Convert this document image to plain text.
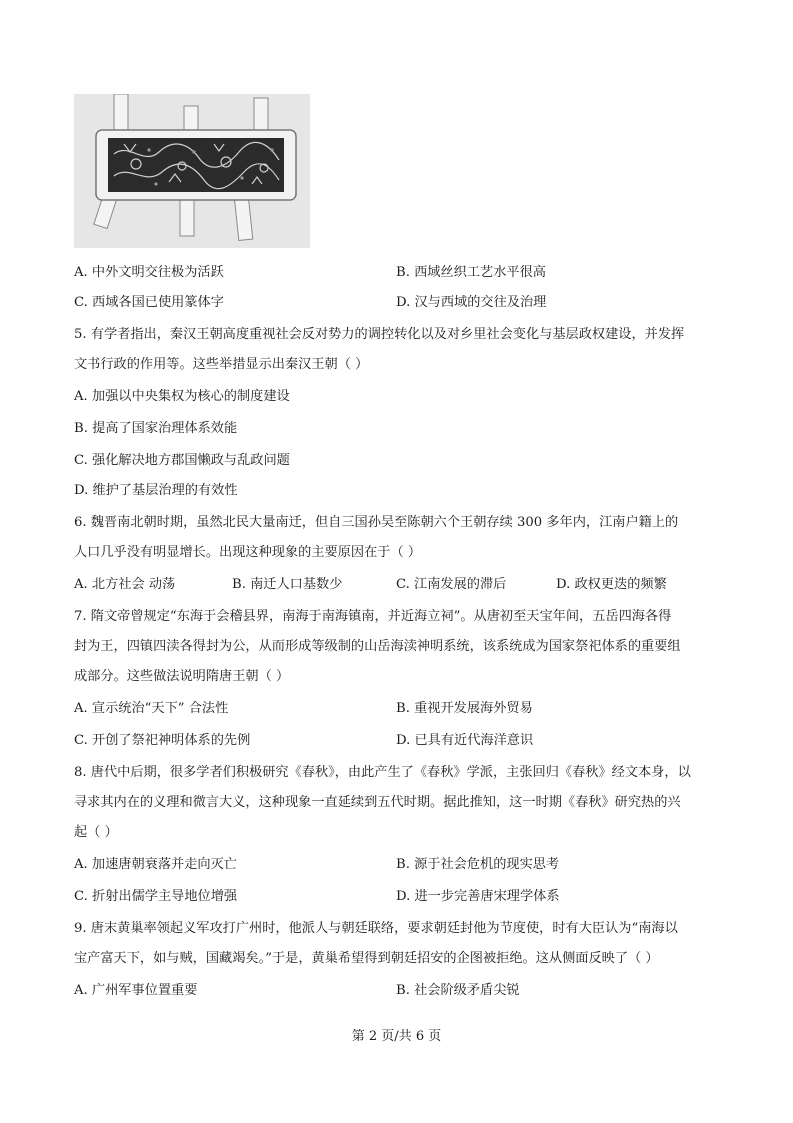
A. 中外文明交往极为活跃	B. 西域丝织工艺水平很高
C. 西域各国已使用篆体字	D. 汉与西域的交往及治理
5. 有学者指出，秦汉王朝高度重视社会反对势力的调控转化以及对乡里社会变化与基层政权建设，并发挥
文书行政的作用等。这些举措显示出秦汉王朝（ ）
A. 加强以中央集权为核心的制度建设
B. 提高了国家治理体系效能
C. 强化解决地方郡国懒政与乱政问题
D. 维护了基层治理的有效性
6. 魏晋南北朝时期，虽然北民大量南迁，但自三国孙吴至陈朝六个王朝存续 300 多年内，江南户籍上的
人口几乎没有明显增长。出现这种现象的主要原因在于（ ）
A. 北方社会 动荡	B. 南迁人口基数少	C. 江南发展的滞后	D. 政权更迭的频繁
7. 隋文帝曾规定“东海于会稽县界，南海于南海镇南，并近海立祠”。从唐初至天宝年间，五岳四海各得
封为王，四镇四渎各得封为公，从而形成等级制的山岳海渎神明系统，该系统成为国家祭祀体系的重要组
成部分。这些做法说明隋唐王朝（ ）
A. 宣示统治“天下” 合法性	B. 重视开发展海外贸易
C. 开创了祭祀神明体系的先例	D. 已具有近代海洋意识
8. 唐代中后期，很多学者们积极研究《春秋》，由此产生了《春秋》学派，主张回归《春秋》经文本身，以
寻求其内在的义理和微言大义，这种现象一直延续到五代时期。据此推知，这一时期《春秋》研究热的兴
起（ ）
A. 加速唐朝衰落并走向灭亡	B. 源于社会危机的现实思考
C. 折射出儒学主导地位增强	D. 进一步完善唐宋理学体系
9. 唐末黄巢率领起义军攻打广州时，他派人与朝廷联络，要求朝廷封他为节度使，时有大臣认为“南海以
宝产富天下，如与贼，国藏竭矣。”于是，黄巢希望得到朝廷招安的企图被拒绝。这从侧面反映了（ ）
A. 广州军事位置重要	B. 社会阶级矛盾尖锐
第 2 页/共 6 页
